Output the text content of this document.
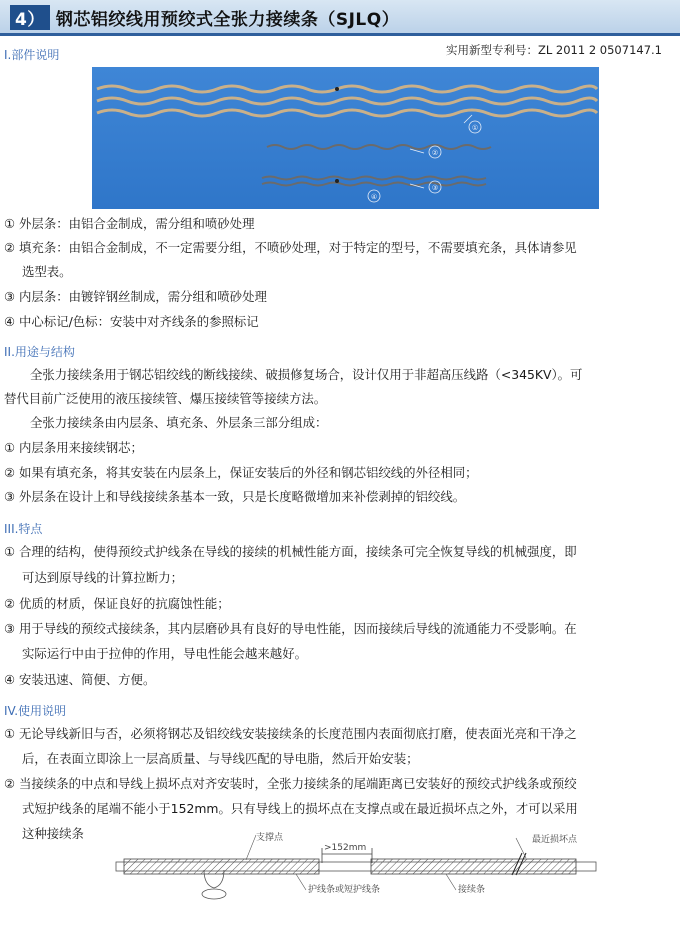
4） 钢芯铝绞线用预绞式全张力接续条（SJLQ）
实用新型专利号：ZL 2011 2 0507147.1
I.部件说明
①
②
③
④
① 外层条：由铝合金制成，需分组和喷砂处理
② 填充条：由铝合金制成，不一定需要分组，不喷砂处理，对于特定的型号，不需要填充条，具体请参见
选型表。
③ 内层条：由镀锌钢丝制成，需分组和喷砂处理
④ 中心标记/色标：安装中对齐线条的参照标记
II.用途与结构
全张力接续条用于钢芯铝绞线的断线接续、破损修复场合，设计仅用于非超高压线路（<345KV）。可
替代目前广泛使用的液压接续管、爆压接续管等接续方法。
全张力接续条由内层条、填充条、外层条三部分组成：
① 内层条用来接续钢芯；
② 如果有填充条，将其安装在内层条上，保证安装后的外径和钢芯铝绞线的外径相同；
③ 外层条在设计上和导线接续条基本一致，只是长度略微增加来补偿剥掉的铝绞线。
III.特点
① 合理的结构，使得预绞式护线条在导线的接续的机械性能方面，接续条可完全恢复导线的机械强度，即
可达到原导线的计算拉断力；
② 优质的材质，保证良好的抗腐蚀性能；
③ 用于导线的预绞式接续条，其内层磨砂具有良好的导电性能，因而接续后导线的流通能力不受影响。在
实际运行中由于拉伸的作用，导电性能会越来越好。
④ 安装迅速、简便、方便。
IV.使用说明
① 无论导线新旧与否，必须将钢芯及铝绞线安装接续条的长度范围内表面彻底打磨，使表面光亮和干净之
后，在表面立即涂上一层高质量、与导线匹配的导电脂，然后开始安装；
② 当接续条的中点和导线上损坏点对齐安装时，全张力接续条的尾端距离已安装好的预绞式护线条或预绞
式短护线条的尾端不能小于152mm。只有导线上的损坏点在支撑点或在最近损坏点之外，才可以采用
这种接续条	支撑点
>152mm
最近损坏点
护线条或短护线条	接续条
